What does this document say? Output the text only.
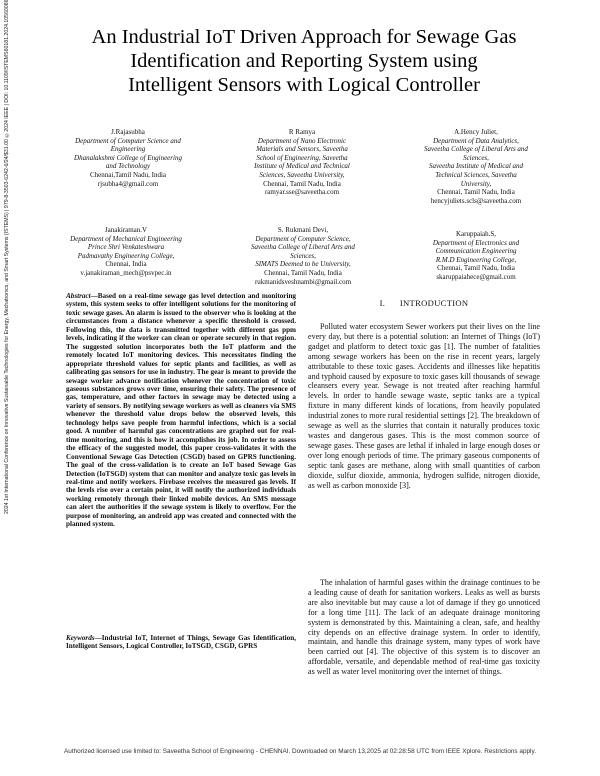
2024 1st International Conference on Innovative Sustainable Technologies for Energy, Mechatronics, and Smart Systems (ISTEMS) | 979-8-3503-6242-6/24/$31.00 ©2024 IEEE | DOI: 10.1109/ISTEMS60181.2024.10560086	An Industrial IoT Driven Approach for Sewage Gas
Identification and Reporting System using
Intelligent Sensors with Logical Controller
J.Rajasubha
Department of Computer Science and
Engineering
Dhanalakshmi College of Engineering
and Technology
Chennai,Tamil Nadu, India
rjsubha4@gmail.com
R Ramya
Department of Nano Electronic
Materials and Sensors, Saveetha
School of Engineering, Saveetha
Institute of Medical and Technical
Sciences, Saveetha University,
Chennai, Tamil Nadu, India
ramyar.sse@saveetha.com
A.Hency Juliet,
Department of Data Analytics,
Saveetha College of Liberal Arts and
Sciences,
Saveetha Institute of Medical and
Technical Sciences, Saveetha
University,
Chennai, Tamil Nadu, India
hencyjuliets.scls@saveetha.com
Janakiraman.V
Department of Mechanical Engineering
Prince Shri Venkateshwara
Padmavathy Engineering College,
Chennai, India
v.janakiraman_mech@psvpec.in
S. Rukmani Devi,
Department of Computer Science,
Saveetha College of Liberal Arts and
Sciences,
SIMATS Deemed to be University,
Chennai, Tamil Nadu, India
rukmanidsveshnambi@gmail.com
Karuppaiah.S,
Department of Electronics and
Communication Engineering
R.M.D Engineering College,
Chennai, Tamil Nadu, India
skaruppaiahece@gmail.com
Abstract—Based on a real-time sewage gas level detection and monitoring system, this system seeks to offer intelligent solutions for the monitoring of toxic sewage gases. An alarm is issued to the observer who is looking at the circumstances from a distance whenever a specific threshold is crossed. Following this, the data is transmitted together with different gas ppm levels, indicating if the worker can clean or operate securely in that region. The suggested solution incorporates both the IoT platform and the remotely located IoT monitoring devices. This necessitates finding the appropriate threshold values for septic plants and facilities, as well as calibrating gas sensors for use in industry. The gear is meant to provide the sewage worker advance notification whenever the concentration of toxic gaseous substances grows over time, ensuring their safety. The presence of gas, temperature, and other factors in sewage may be detected using a variety of sensors. By notifying sewage workers as well as cleaners via SMS whenever the threshold value drops below the observed levels, this technology helps save people from harmful infections, which is a social good. A number of harmful gas concentrations are graphed out for real-time monitoring, and this is how it accomplishes its job. In order to assess the efficacy of the suggested model, this paper cross-validates it with the Conventional Sewage Gas Detection (CSGD) based on GPRS functioning. The goal of the cross-validation is to create an IoT based Sewage Gas Detection (IoTSGD) system that can monitor and analyze toxic gas levels in real-time and notify workers. Firebase receives the measured gas levels. If the levels rise over a certain point, it will notify the authorized individuals working remotely through their linked mobile devices. An SMS message can alert the authorities if the sewage system is likely to overflow. For the purpose of monitoring, an android app was created and connected with the planned system.
Keywords—Industrial IoT, Internet of Things, Sewage Gas Identification, Intelligent Sensors, Logical Controller, IoTSGD, CSGD, GPRS
I. INTRODUCTION

Polluted water ecosystem Sewer workers put their lives on the line every day, but there is a potential solution: an Internet of Things (IoT) gadget and platform to detect toxic gas [1]. The number of fatalities among sewage workers has been on the rise in recent years, largely attributable to these toxic gases. Accidents and illnesses like hepatitis and typhoid caused by exposure to toxic gases kill thousands of sewage cleansers every year. Sewage is not treated after reaching harmful levels. In order to handle sewage waste, septic tanks are a typical fixture in many different kinds of locations, from heavily populated industrial zones to more rural residential settings [2]. The breakdown of sewage as well as the slurries that contain it naturally produces toxic wastes and dangerous gases. This is the most common source of sewage gases. These gases are lethal if inhaled in large enough doses or over long enough periods of time. The primary gaseous components of septic tank gases are methane, along with small quantities of carbon dioxide, sulfur dioxide, ammonia, hydrogen sulfide, nitrogen dioxide, as well as carbon monoxide [3].

The inhalation of harmful gases within the drainage continues to be a leading cause of death for sanitation workers. Leaks as well as bursts are also inevitable but may cause a lot of damage if they go unnoticed for a long time [11]. The lack of an adequate drainage monitoring system is demonstrated by this. Maintaining a clean, safe, and healthy city depends on an effective drainage system. In order to identify, maintain, and handle this drainage system, many types of work have been carried out [4]. The objective of this system is to discover an affordable, versatile, and dependable method of real-time gas toxicity as well as water level monitoring over the internet of things.

Authorized licensed use limited to: Saveetha School of Engineering - CHENNAI. Downloaded on March 13,2025 at 02:28:58 UTC from IEEE Xplore. Restrictions apply.
